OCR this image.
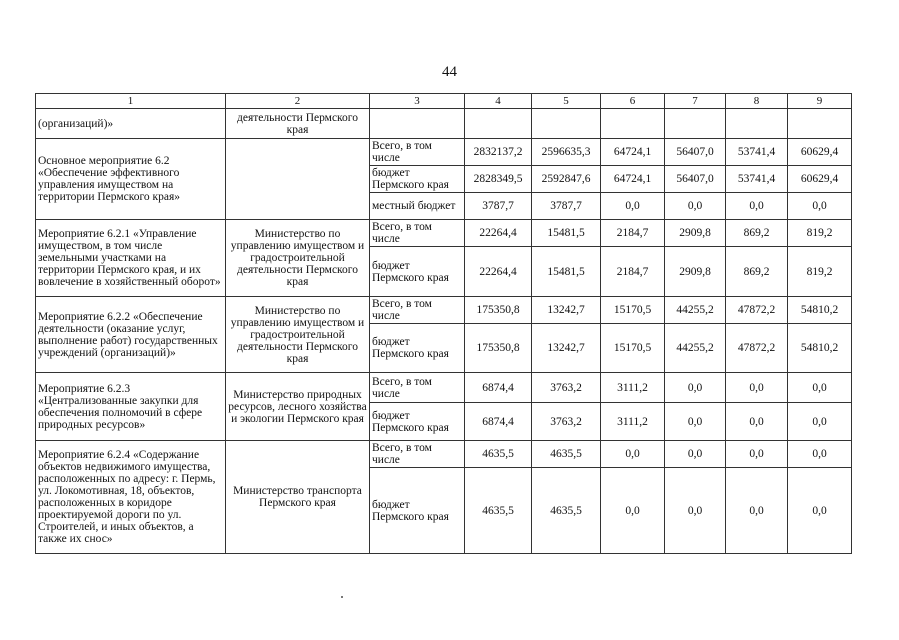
44
1	2	3	4	5	6	7	8	9
(организаций)»	деятельности Пермского края							
Основное мероприятие 6.2 «Обеспечение эффективного управления имуществом на территории Пермского края»		Всего, в том числе	2832137,2	2596635,3	64724,1	56407,0	53741,4	60629,4
		бюджет Пермского края	2828349,5	2592847,6	64724,1	56407,0	53741,4	60629,4
		местный бюджет	3787,7	3787,7	0,0	0,0	0,0	0,0
Мероприятие 6.2.1 «Управление имуществом, в том числе земельными участками на территории Пермского края, и их вовлечение в хозяйственный оборот»	Министерство по управлению имуществом и градостроительной деятельности Пермского края	Всего, в том числе	22264,4	15481,5	2184,7	2909,8	869,2	819,2
		бюджет Пермского края	22264,4	15481,5	2184,7	2909,8	869,2	819,2
Мероприятие 6.2.2 «Обеспечение деятельности (оказание услуг, выполнение работ) государственных учреждений (организаций)»	Министерство по управлению имуществом и градостроительной деятельности Пермского края	Всего, в том числе	175350,8	13242,7	15170,5	44255,2	47872,2	54810,2
		бюджет Пермского края	175350,8	13242,7	15170,5	44255,2	47872,2	54810,2
Мероприятие 6.2.3 «Централизованные закупки для обеспечения полномочий в сфере природных ресурсов»	Министерство природных ресурсов, лесного хозяйства и экологии Пермского края	Всего, в том числе	6874,4	3763,2	3111,2	0,0	0,0	0,0
		бюджет Пермского края	6874,4	3763,2	3111,2	0,0	0,0	0,0
Мероприятие 6.2.4 «Содержание объектов недвижимого имущества, расположенных по адресу: г. Пермь, ул. Локомотивная, 18, объектов, расположенных в коридоре проектируемой дороги по ул. Строителей, и иных объектов, а также их снос»	Министерство транспорта Пермского края	Всего, в том числе	4635,5	4635,5	0,0	0,0	0,0	0,0
		бюджет Пермского края	4635,5	4635,5	0,0	0,0	0,0	0,0
